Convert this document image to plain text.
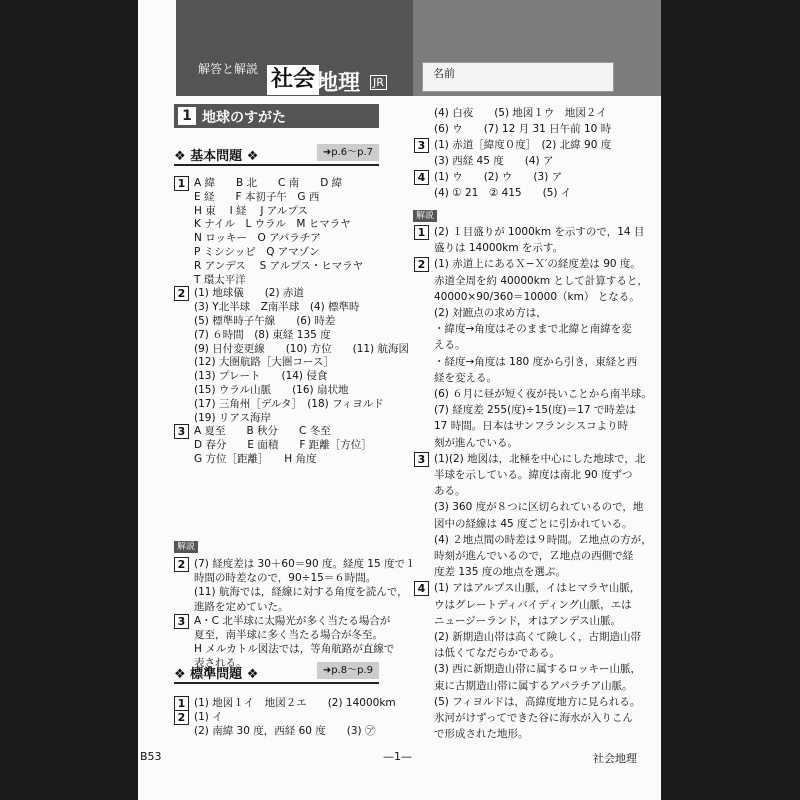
解答と解説 社会 地理 JR
名前
1 地球のすがた
❖ 基本問題 ❖	➜p.6〜p.7
1 A 緯　　B 北　　C 南　　D 緯
E 経　　F 本初子午　G 西
H 東　 I 経　 J アルプス
K ナイル　L ウラル　M ヒマラヤ
N ロッキー　O アパラチア
P ミシシッピ　Q アマゾン
R アンデス　 S アルプス・ヒマラヤ
T 環太平洋
2 (1) 地球儀　　(2) 赤道
(3) Y北半球　Z南半球　(4) 標準時
(5) 標準時子午線　　(6) 時差
(7) ６時間　(8) 東経 135 度
(9) 日付変更線　　(10) 方位　　(11) 航海図
(12) 大圏航路［大圏コース］
(13) プレート　　(14) 侵食
(15) ウラル山脈　　(16) 扇状地
(17) 三角州［デルタ］　(18) フィヨルド
(19) リアス海岸
3 A 夏至　　B 秋分　　C 冬至
D 春分　　E 面積　　F 距離［方位］
G 方位［距離］　　H 角度
解説
2 (7) 経度差は 30＋60＝90 度。経度 15 度で１
時間の時差なので，90÷15＝６時間。
(11) 航海では，経線に対する角度を読んで，
進路を定めていた。
3 A・C 北半球に太陽光が多く当たる場合が
夏至，南半球に多く当たる場合が冬至。
H メルカトル図法では，等角航路が直線で
表される。
❖ 標準問題 ❖	➜p.8〜p.9
1 (1) 地図１イ　地図２エ　　(2) 14000km
2 (1) イ
(2) 南緯 30 度，西経 60 度　　(3) ㋐
(4) 白夜　　(5) 地図１ウ　地図２イ
(6) ウ　　(7) 12 月 31 日午前 10 時
3 (1) 赤道［緯度０度］　(2) 北緯 90 度
(3) 西経 45 度　　(4) ア
4 (1) ウ　　(2) ウ　　(3) ア
(4) ① 21　② 415　　(5) イ
解説
1 (2) １目盛りが 1000km を示すので，14 目
盛りは 14000km を示す。
2 (1) 赤道上にあるＸ−Ｘ′の経度差は 90 度。
赤道全周を約 40000km として計算すると，
40000×90/360＝10000（km） となる。
(2) 対蹠点の求め方は，
・緯度→角度はそのままで北緯と南緯を変
える。
・経度→角度は 180 度から引き，東経と西
経を変える。
(6) ６月に昼が短く夜が長いことから南半球。
(7) 経度差 255(度)÷15(度)＝17 で時差は
17 時間。日本はサンフランシスコより時
刻が進んでいる。
3 (1)(2) 地図は，北極を中心にした地球で，北
半球を示している。緯度は南北 90 度ずつ
ある。
(3) 360 度が８つに区切られているので，地
図中の経線は 45 度ごとに引かれている。
(4) ２地点間の時差は９時間。Ｚ地点の方が，
時刻が進んでいるので，Ｚ地点の西側で経
度差 135 度の地点を選ぶ。
4 (1) アはアルプス山脈，イはヒマラヤ山脈，
ウはグレートディバイディング山脈，エは
ニュージーランド，オはアンデス山脈。
(2) 新期造山帯は高くて険しく，古期造山帯
は低くてなだらかである。
(3) 西に新期造山帯に属するロッキー山脈，
東に古期造山帯に属するアパラチア山脈。
(5) フィヨルドは，高緯度地方に見られる。
氷河がけずってできた谷に海水が入りこん
で形成された地形。
B53	—1—	社会地理
